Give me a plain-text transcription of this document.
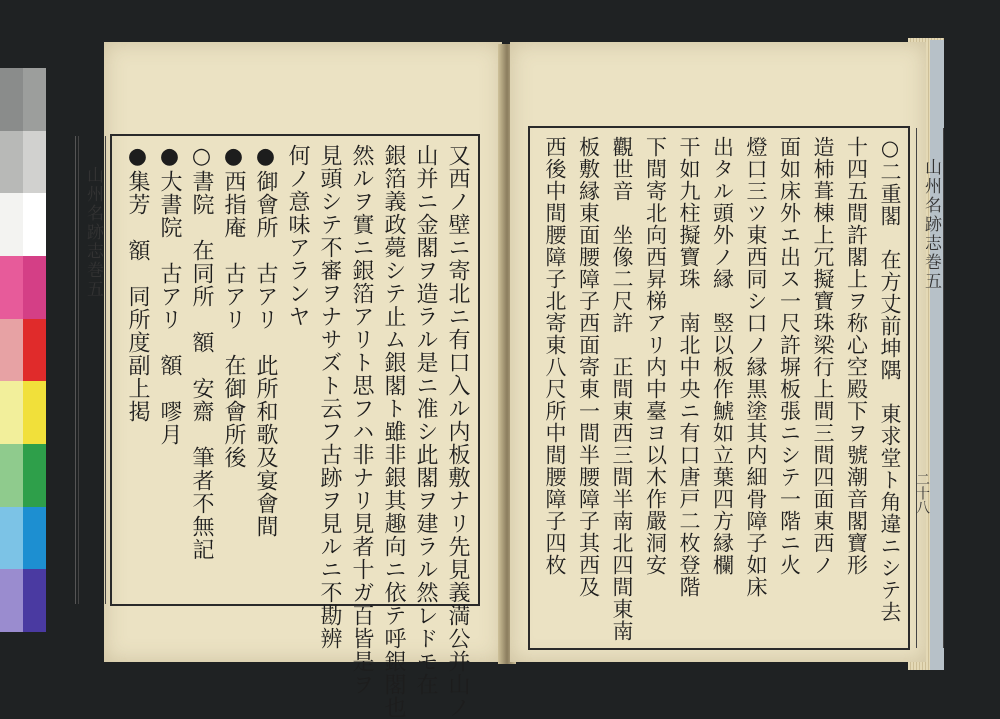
山州名跡志巻五	又西ノ壁ニ寄北ニ有口入ル内板敷ナリ先見義満公并山ノ
山并ニ金閣ヲ造ラル是ニ准シ此閣ヲ建ラル然レドモ在
銀箔義政薨シテ止ム銀閣ト雖非銀其趣向ニ依テ呼銀閣也
然ルヲ實ニ銀箔アリト思フハ非ナリ見者十ガ百皆是ヲ
見頭シテ不審ヲナサズト云フ古跡ヲ見ルニ不勘辨
何ノ意味アランヤ
●御會所　古アリ　此所和歌及宴會間
●西指庵　古アリ　在御會所後
○書院　在同所　額　安齋　筆者不無記
●大書院　古アリ　額　嘐月
●集芳　額　同所度副上掲	山州名跡志巻五
○二重閣　在方丈前坤隅　東求堂ト角違ニシテ去
十四五間許閣上ヲ称心空殿下ヲ號潮音閣寶形
造杮葺棟上冗擬寶珠梁行上間三間四面東西ノ
面如床外エ出ス一尺許塀板張ニシテ一階ニ火
燈口三ツ東西同シ口ノ縁黒塗其内細骨障子如床
出タル頭外ノ縁　竪以板作鯱如立葉四方縁欄
干如九柱擬寶珠　南北中央ニ有口唐戸二枚登階
下間寄北向西昇梯アリ内中臺ヨ以木作嚴洞安
觀世音　坐像二尺許　正間東西三間半南北四間東南
板敷縁東面腰障子西面寄東一間半腰障子其西及
西後中間腰障子北寄東八尺所中間腰障子四枚	二十八
